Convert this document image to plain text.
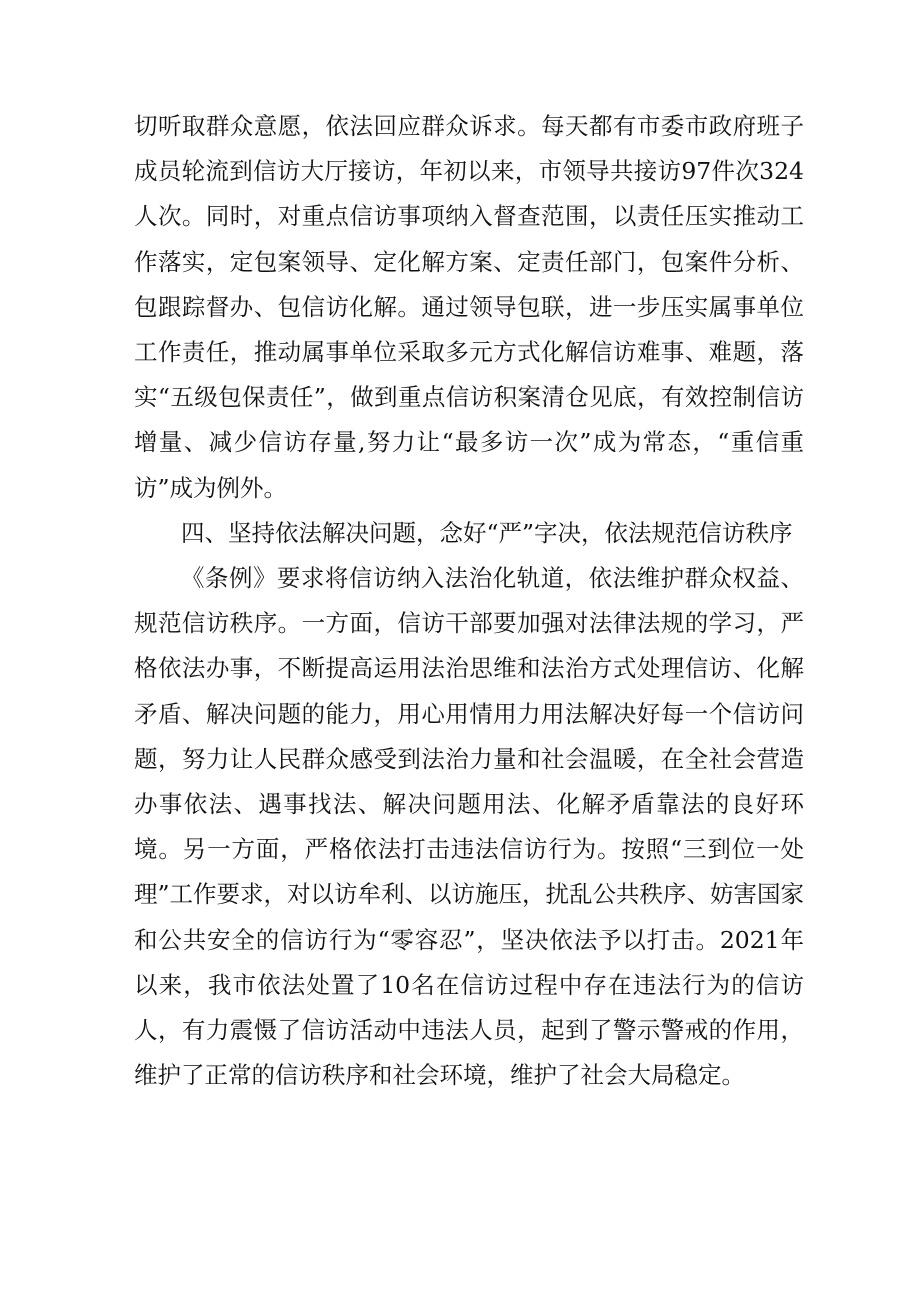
切听取群众意愿，依法回应群众诉求。每天都有市委市政府班子成员轮流到信访大厅接访，年初以来，市领导共接访97件次324人次。同时，对重点信访事项纳入督查范围，以责任压实推动工作落实，定包案领导、定化解方案、定责任部门，包案件分析、包跟踪督办、包信访化解。通过领导包联，进一步压实属事单位工作责任，推动属事单位采取多元方式化解信访难事、难题，落实“五级包保责任”，做到重点信访积案清仓见底，有效控制信访增量、减少信访存量,努力让“最多访一次”成为常态，“重信重访”成为例外。

四、坚持依法解决问题，念好“严”字决，依法规范信访秩序

《条例》要求将信访纳入法治化轨道，依法维护群众权益、规范信访秩序。一方面，信访干部要加强对法律法规的学习，严格依法办事，不断提高运用法治思维和法治方式处理信访、化解矛盾、解决问题的能力，用心用情用力用法解决好每一个信访问题，努力让人民群众感受到法治力量和社会温暖，在全社会营造办事依法、遇事找法、解决问题用法、化解矛盾靠法的良好环境。另一方面，严格依法打击违法信访行为。按照“三到位一处理”工作要求，对以访牟利、以访施压，扰乱公共秩序、妨害国家和公共安全的信访行为“零容忍”，坚决依法予以打击。2021年以来，我市依法处置了10名在信访过程中存在违法行为的信访人，有力震慑了信访活动中违法人员，起到了警示警戒的作用，维护了正常的信访秩序和社会环境，维护了社会大局稳定。
